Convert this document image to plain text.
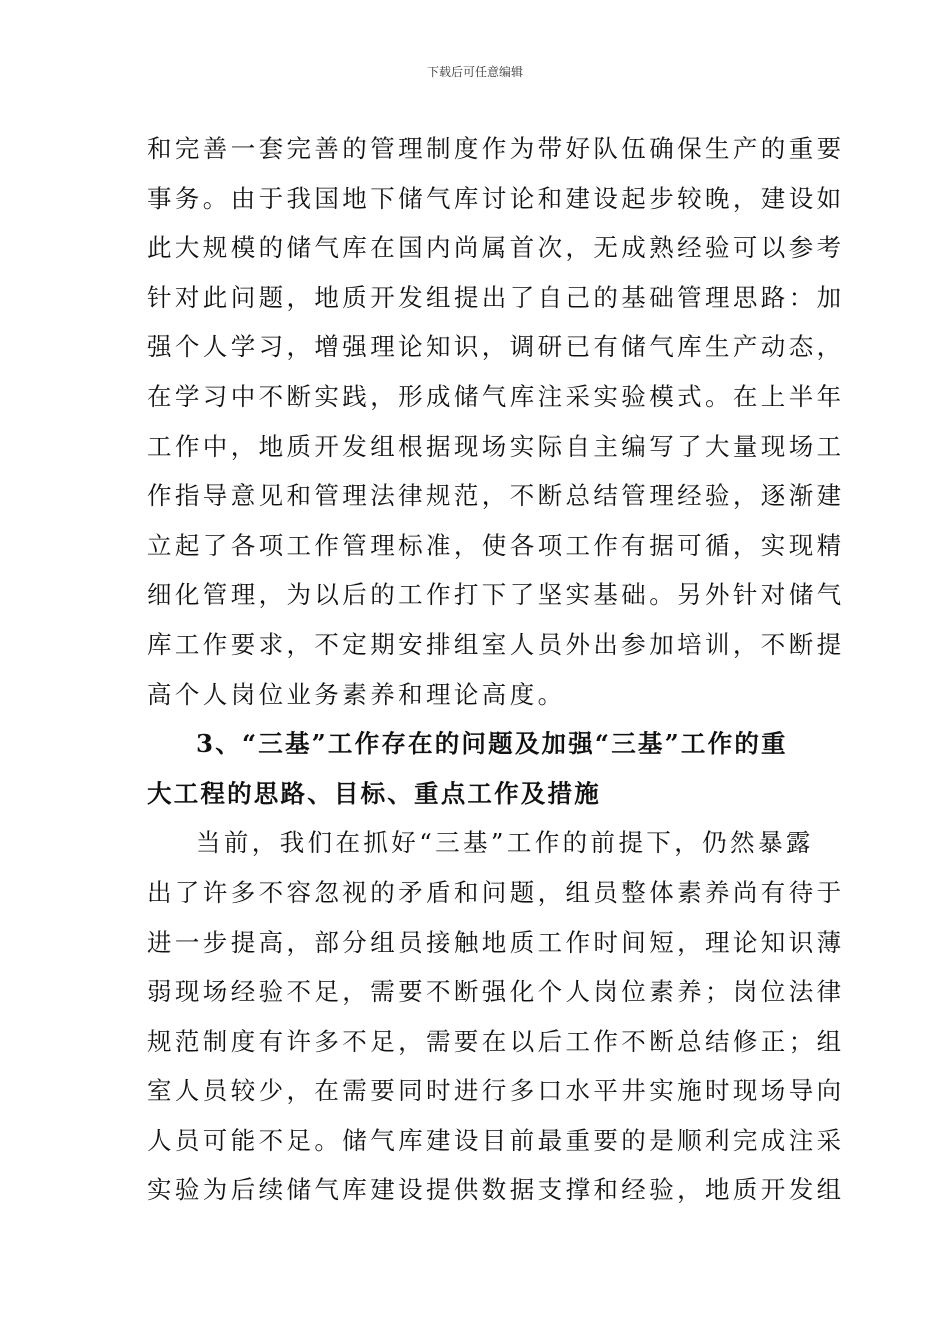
下载后可任意编辑
和完善一套完善的管理制度作为带好队伍确保生产的重要
事务。由于我国地下储气库讨论和建设起步较晚，建设如
此大规模的储气库在国内尚属首次，无成熟经验可以参考
针对此问题，地质开发组提出了自己的基础管理思路：加
强个人学习，增强理论知识，调研已有储气库生产动态，
在学习中不断实践，形成储气库注采实验模式。在上半年
工作中，地质开发组根据现场实际自主编写了大量现场工
作指导意见和管理法律规范，不断总结管理经验，逐渐建
立起了各项工作管理标准，使各项工作有据可循，实现精
细化管理，为以后的工作打下了坚实基础。另外针对储气
库工作要求，不定期安排组室人员外出参加培训，不断提
高个人岗位业务素养和理论高度。
3、“三基”工作存在的问题及加强“三基”工作的重
大工程的思路、目标、重点工作及措施
当前，我们在抓好“三基”工作的前提下，仍然暴露
出了许多不容忽视的矛盾和问题，组员整体素养尚有待于
进一步提高，部分组员接触地质工作时间短，理论知识薄
弱现场经验不足，需要不断强化个人岗位素养；岗位法律
规范制度有许多不足，需要在以后工作不断总结修正；组
室人员较少，在需要同时进行多口水平井实施时现场导向
人员可能不足。储气库建设目前最重要的是顺利完成注采
实验为后续储气库建设提供数据支撑和经验，地质开发组
